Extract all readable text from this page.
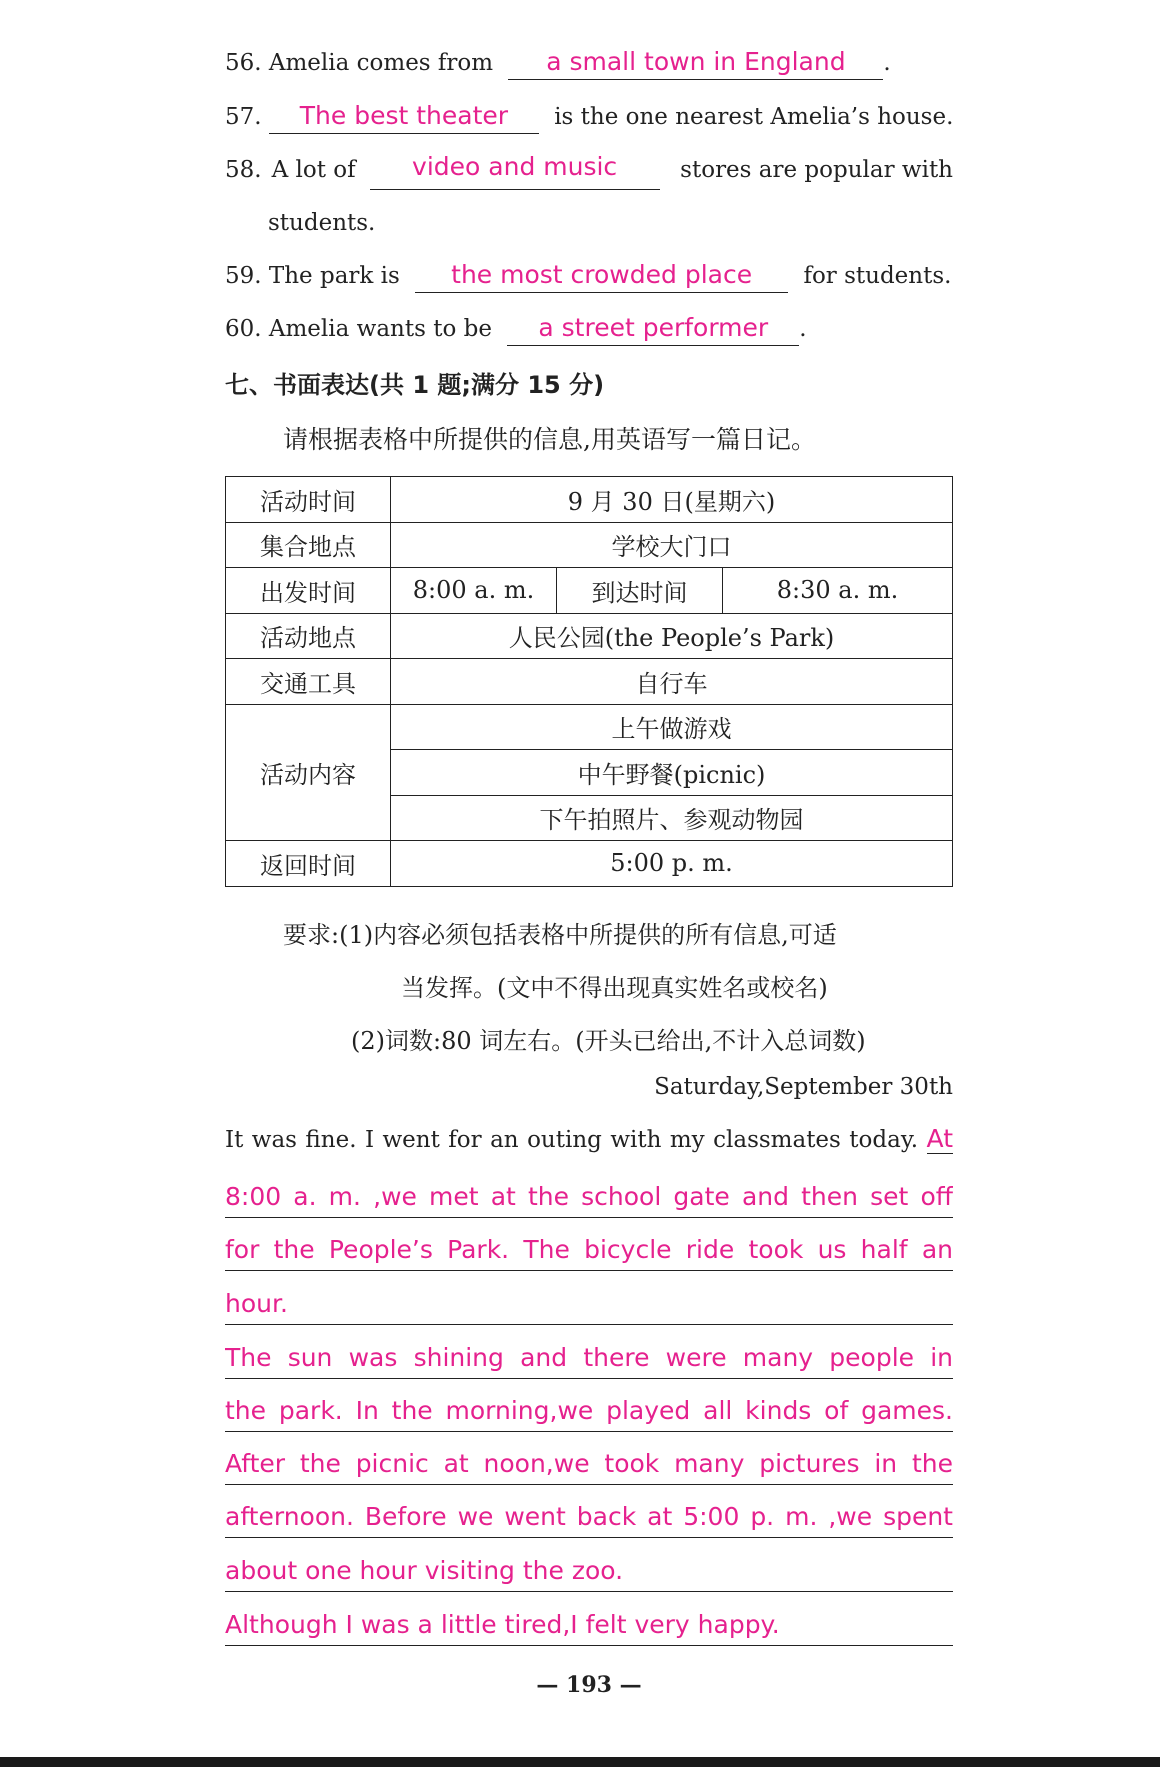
56. Amelia comes from a small town in England .
57. The best theater is the one nearest Amelia’s house.
58. A lot of	video and music	stores are popular with
students.
59. The park is the most crowded place for students.
60. Amelia wants to be a street performer .
七、书面表达(共 1 题;满分 15 分)
请根据表格中所提供的信息,用英语写一篇日记。
活动时间	9 月 30 日(星期六)		
集合地点	学校大门口		
出发时间	8:00 a. m.	到达时间	8:30 a. m.
活动地点	人民公园(the People’s Park)		
交通工具	自行车		
活动内容	上午做游戏		
	中午野餐(picnic)		
	下午拍照片、参观动物园		
返回时间	5:00 p. m.		
要求:(1)内容必须包括表格中所提供的所有信息,可适
当发挥。(文中不得出现真实姓名或校名)
(2)词数:80 词左右。(开头已给出,不计入总词数)
Saturday,September 30th
It was fine. I went for an outing with my classmates today. At
8:00 a. m. ,we met at the school gate and then set off
for the People’s Park. The bicycle ride took us half an
hour.
The sun was shining and there were many people in
the park. In the morning,we played all kinds of games.
After the picnic at noon,we took many pictures in the
afternoon. Before we went back at 5:00 p. m. ,we spent
about one hour visiting the zoo.
Although I was a little tired,I felt very happy.
— 193 —
